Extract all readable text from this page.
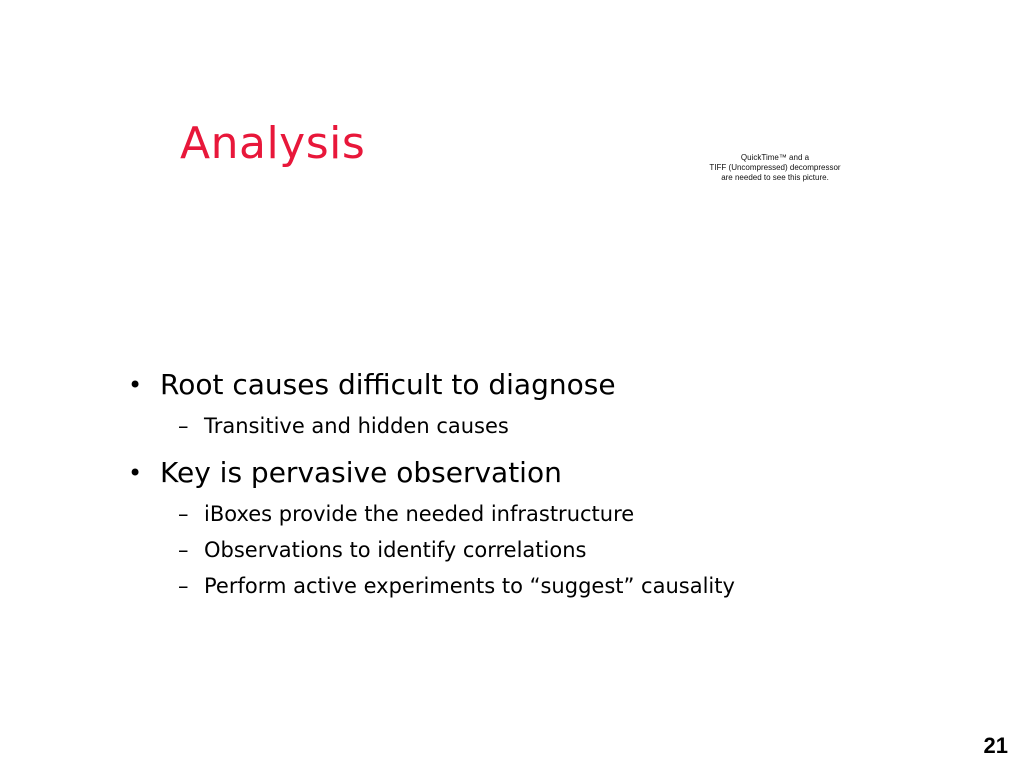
Analysis	QuickTime™ and a
TIFF (Uncompressed) decompressor
are needed to see this picture.
• Root causes difficult to diagnose
– Transitive and hidden causes
• Key is pervasive observation
– iBoxes provide the needed infrastructure
– Observations to identify correlations
– Perform active experiments to “suggest” causality
21
